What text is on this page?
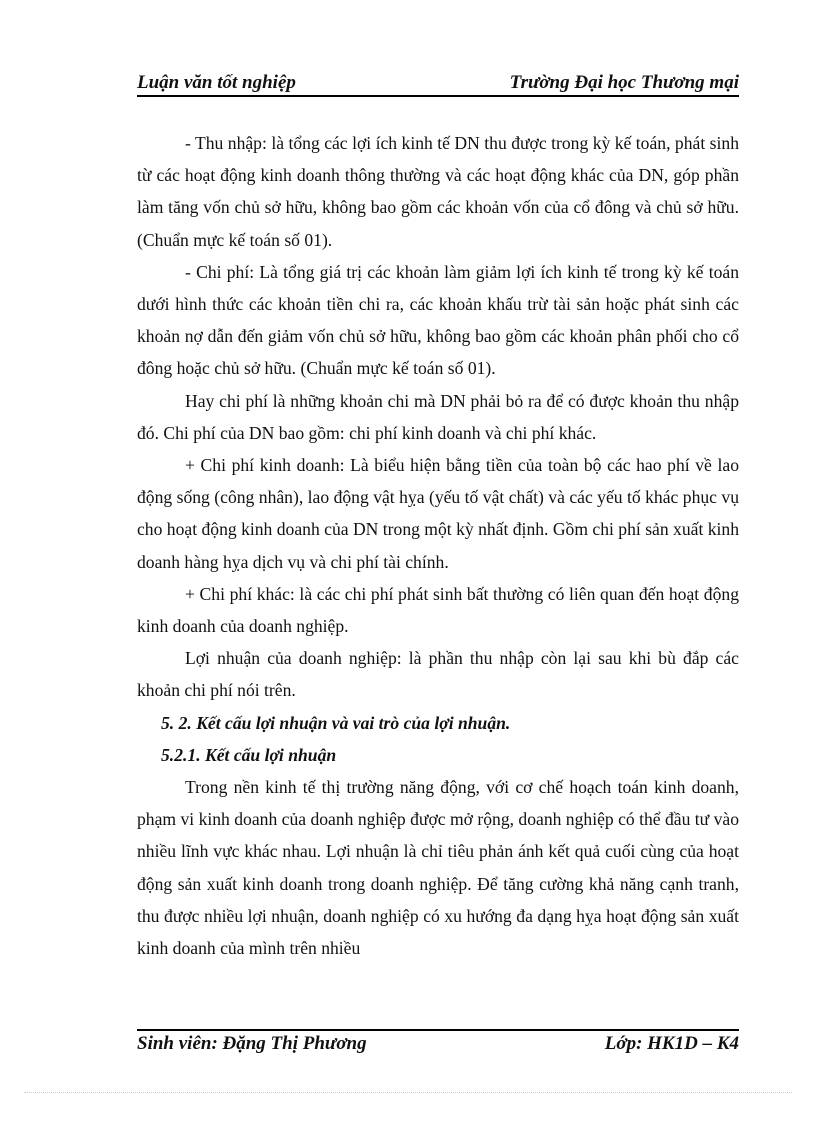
Luận văn tốt nghiệp	Trường Đại học Thương mại

- Thu nhập: là tổng các lợi ích kinh tế DN thu được trong kỳ kế toán, phát sinh từ các hoạt động kinh doanh thông thường và các hoạt động khác của DN, góp phần làm tăng vốn chủ sở hữu, không bao gồm các khoản vốn của cổ đông và chủ sở hữu. (Chuẩn mực kế toán số 01).

- Chi phí: Là tổng giá trị các khoản làm giảm lợi ích kinh tế trong kỳ kế toán dưới hình thức các khoản tiền chi ra, các khoản khấu trừ tài sản hoặc phát sinh các khoản nợ dẫn đến giảm vốn chủ sở hữu, không bao gồm các khoản phân phối cho cổ đông hoặc chủ sở hữu. (Chuẩn mực kế toán số 01).

Hay chi phí là những khoản chi mà DN phải bỏ ra để có được khoản thu nhập đó. Chi phí của DN bao gồm: chi phí kinh doanh và chi phí khác.

+ Chi phí kinh doanh: Là biểu hiện bằng tiền của toàn bộ các hao phí về lao động sống (công nhân), lao động vật hỵa (yếu tố vật chất) và các yếu tố khác phục vụ cho hoạt động kinh doanh của DN trong một kỳ nhất định. Gồm chi phí sản xuất kinh doanh hàng hỵa dịch vụ và chi phí tài chính.

+ Chi phí khác: là các chi phí phát sinh bất thường có liên quan đến hoạt động kinh doanh của doanh nghiệp.

Lợi nhuận của doanh nghiệp: là phần thu nhập còn lại sau khi bù đắp các khoản chi phí nói trên.

5. 2. Kết cấu lợi nhuận và vai trò của lợi nhuận.
5.2.1. Kết cấu lợi nhuận

Trong nền kinh tế thị trường năng động, với cơ chế hoạch toán kinh doanh, phạm vi kinh doanh của doanh nghiệp được mở rộng, doanh nghiệp có thể đầu tư vào nhiều lĩnh vực khác nhau. Lợi nhuận là chỉ tiêu phản ánh kết quả cuối cùng của hoạt động sản xuất kinh doanh trong doanh nghiệp. Để tăng cường khả năng cạnh tranh, thu được nhiều lợi nhuận, doanh nghiệp có xu hướng đa dạng hỵa hoạt động sản xuất kinh doanh của mình trên nhiều

Sinh viên: Đặng Thị Phương	Lớp: HK1D – K4
